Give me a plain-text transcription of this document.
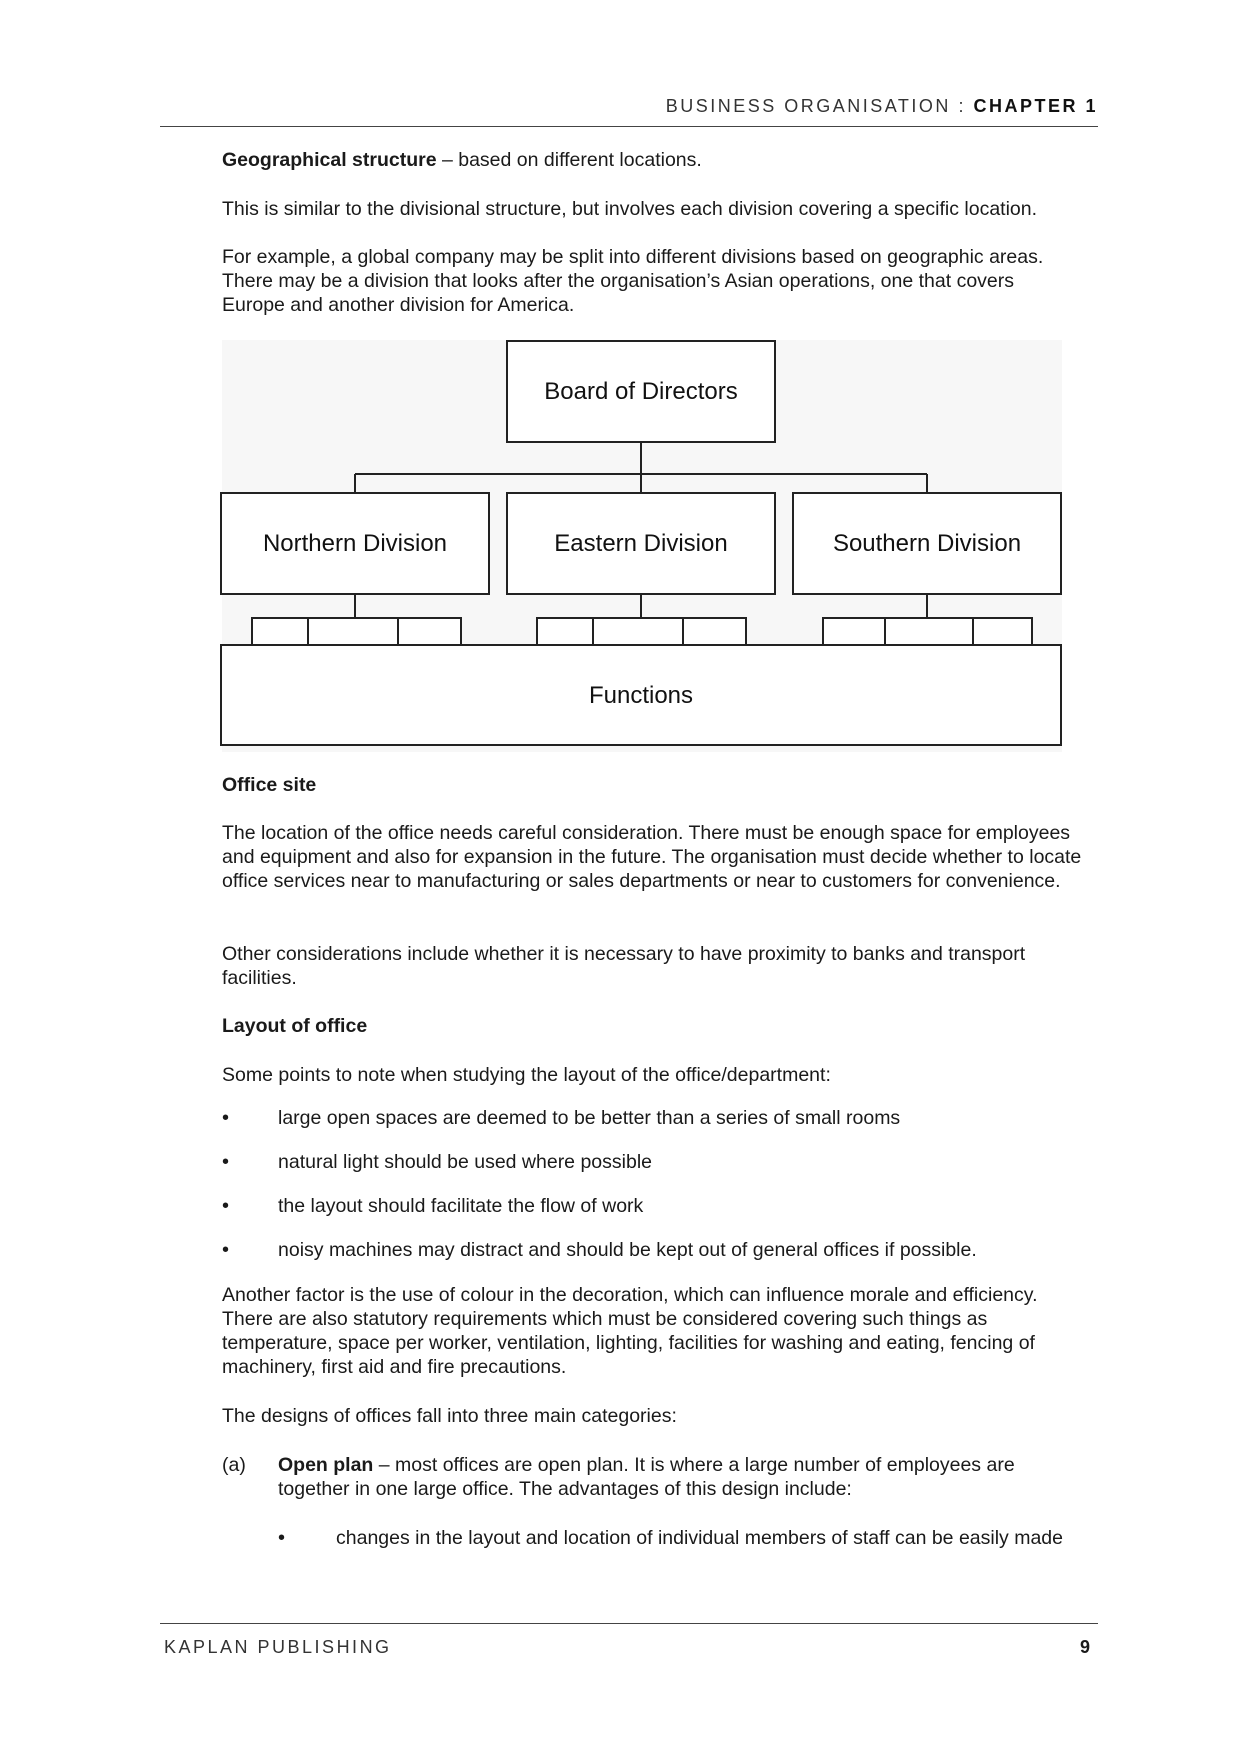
BUSINESS ORGANISATION : CHAPTER 1

Geographical structure – based on different locations.

This is similar to the divisional structure, but involves each division covering a specific location.

For example, a global company may be split into different divisions based on geographic areas. There may be a division that looks after the organisation’s Asian operations, one that covers Europe and another division for America.

Board of Directors
Northern Division	Eastern Division	Southern Division
Functions

Office site

The location of the office needs careful consideration. There must be enough space for employees and equipment and also for expansion in the future. The organisation must decide whether to locate office services near to manufacturing or sales departments or near to customers for convenience.

Other considerations include whether it is necessary to have proximity to banks and transport facilities.

Layout of office

Some points to note when studying the layout of the office/department:

•	large open spaces are deemed to be better than a series of small rooms
•	natural light should be used where possible
•	the layout should facilitate the flow of work
•	noisy machines may distract and should be kept out of general offices if possible.

Another factor is the use of colour in the decoration, which can influence morale and efficiency. There are also statutory requirements which must be considered covering such things as temperature, space per worker, ventilation, lighting, facilities for washing and eating, fencing of machinery, first aid and fire precautions.

The designs of offices fall into three main categories:

(a) Open plan – most offices are open plan. It is where a large number of employees are together in one large office. The advantages of this design include:

•	changes in the layout and location of individual members of staff can be easily made

KAPLAN PUBLISHING	9
